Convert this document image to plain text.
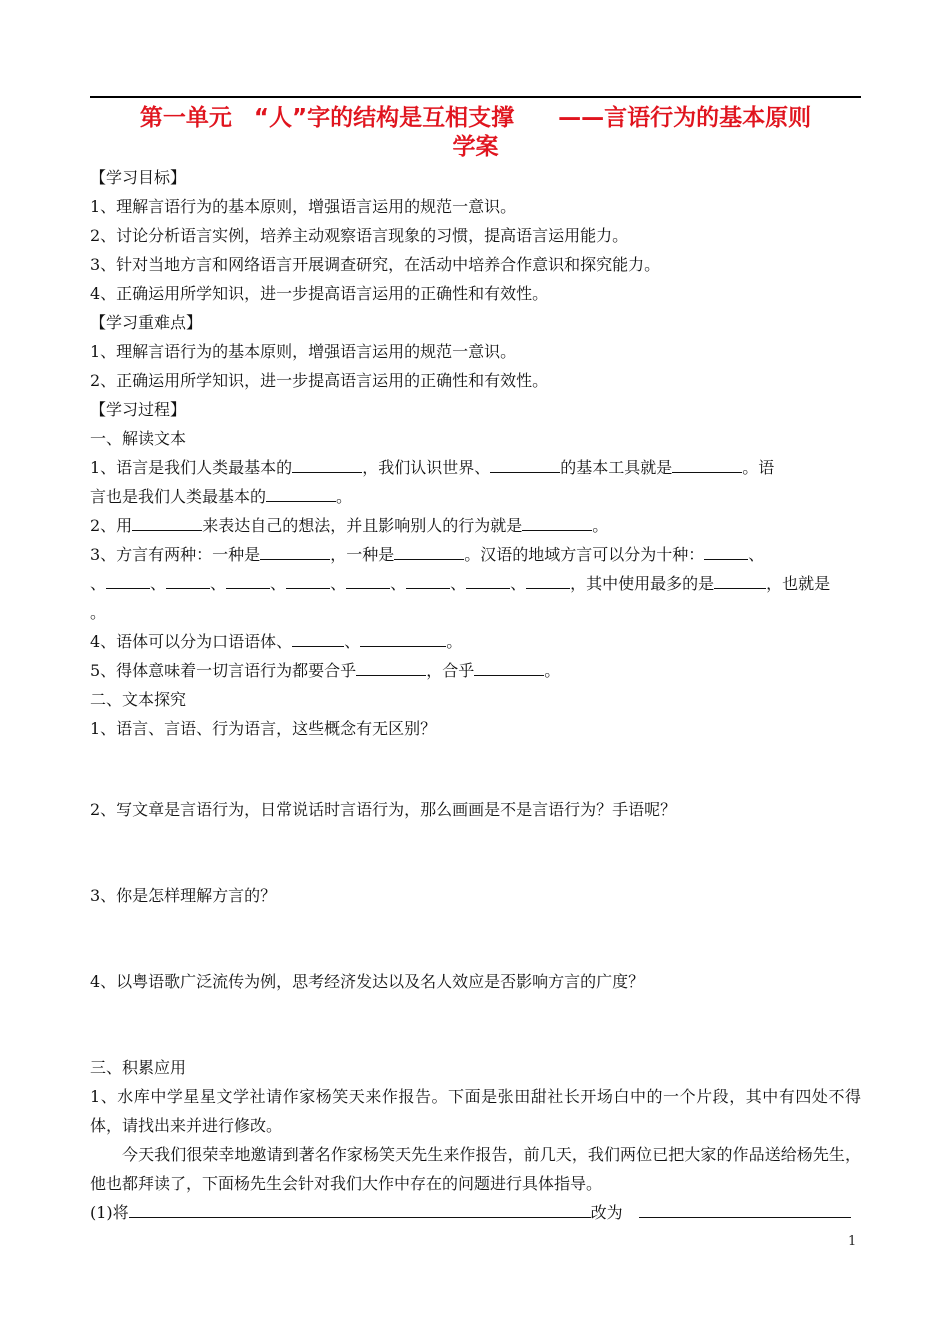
第一单元 “人”字的结构是互相支撑 ——言语行为的基本原则
学案
【学习目标】
1、理解言语行为的基本原则，增强语言运用的规范一意识。
2、讨论分析语言实例，培养主动观察语言现象的习惯，提高语言运用能力。
3、针对当地方言和网络语言开展调查研究，在活动中培养合作意识和探究能力。
4、正确运用所学知识，进一步提高语言运用的正确性和有效性。
【学习重难点】
1、理解言语行为的基本原则，增强语言运用的规范一意识。
2、正确运用所学知识，进一步提高语言运用的正确性和有效性。
【学习过程】
一、解读文本
1、语言是我们人类最基本的	，我们认识世界、	的基本工具就是	。语
言也是我们人类最基本的	。
2、用	来表达自己的想法，并且影响别人的行为就是	。
3、方言有两种：一种是	，一种是	。汉语的地域方言可以分为十种：	、
、	、	、	、	、	、	、	、	，其中使用最多的是	，也就是
。
4、语体可以分为口语语体、	、	。
5、得体意味着一切言语行为都要合乎	，合乎	。
二、文本探究
1、语言、言语、行为语言，这些概念有无区别？
2、写文章是言语行为，日常说话时言语行为，那么画画是不是言语行为？手语呢？
3、你是怎样理解方言的？
4、以粤语歌广泛流传为例，思考经济发达以及名人效应是否影响方言的广度？
三、积累应用
1、水库中学星星文学社请作家杨笑天来作报告。下面是张田甜社长开场白中的一个片段，其中有四处不得体，请找出来并进行修改。
今天我们很荣幸地邀请到著名作家杨笑天先生来作报告，前几天，我们两位已把大家的作品送给杨先生，他也都拜读了，下面杨先生会针对我们大作中存在的问题进行具体指导。
(1)将	改为
1
